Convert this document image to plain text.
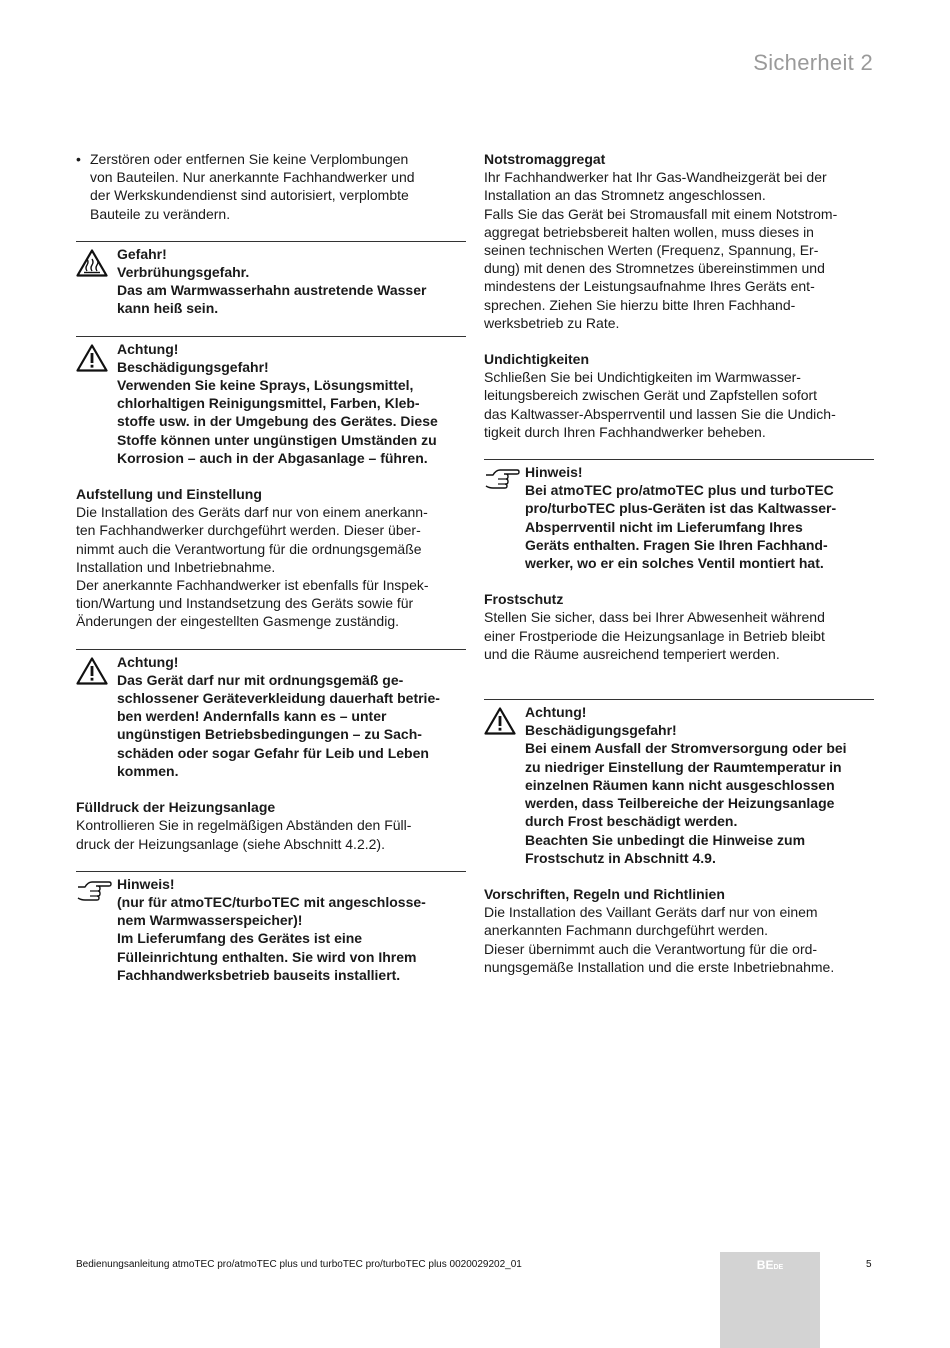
Sicherheit 2
• Zerstören oder entfernen Sie keine Verplombungen

von Bauteilen. Nur anerkannte Fachhandwerker und

der Werkskundendienst sind autorisiert, verplombte

Bauteile zu verändern.

Gefahr!

Verbrühungsgefahr.

Das am Warmwasserhahn austretende Wasser

kann heiß sein.

Achtung!

Beschädigungsgefahr!

Verwenden Sie keine Sprays, Lösungsmittel,

chlorhaltigen Reinigungsmittel, Farben, Kleb-

stoffe usw. in der Umgebung des Gerätes. Diese

Stoffe können unter ungünstigen Umständen zu

Korrosion – auch in der Abgasanlage – führen.

Aufstellung und Einstellung

Die Installation des Geräts darf nur von einem anerkann-

ten Fachhandwerker durchgeführt werden. Dieser über-

nimmt auch die Verantwortung für die ordnungsgemäße

Installation und Inbetriebnahme.

Der anerkannte Fachhandwerker ist ebenfalls für Inspek-

tion/Wartung und Instandsetzung des Geräts sowie für

Änderungen der eingestellten Gasmenge zuständig.

Achtung!

Das Gerät darf nur mit ordnungsgemäß ge-

schlossener Geräteverkleidung dauerhaft betrie-

ben werden! Andernfalls kann es – unter

ungünstigen Betriebsbedingungen – zu Sach-

schäden oder sogar Gefahr für Leib und Leben

kommen.

Fülldruck der Heizungsanlage

Kontrollieren Sie in regelmäßigen Abständen den Füll-

druck der Heizungsanlage (siehe Abschnitt 4.2.2).

Hinweis!

(nur für atmoTEC/turboTEC mit angeschlosse-

nem Warmwasserspeicher)!

Im Lieferumfang des Gerätes ist eine

Fülleinrichtung enthalten. Sie wird von Ihrem

Fachhandwerksbetrieb bauseits installiert.

Notstromaggregat

Ihr Fachhandwerker hat Ihr Gas-Wandheizgerät bei der

Installation an das Stromnetz angeschlossen.

Falls Sie das Gerät bei Stromausfall mit einem Notstrom-

aggregat betriebsbereit halten wollen, muss dieses in

seinen technischen Werten (Frequenz, Spannung, Er-

dung) mit denen des Stromnetzes übereinstimmen und

mindestens der Leistungsaufnahme Ihres Geräts ent-

sprechen. Ziehen Sie hierzu bitte Ihren Fachhand-

werksbetrieb zu Rate.

Undichtigkeiten

Schließen Sie bei Undichtigkeiten im Warmwasser-

leitungsbereich zwischen Gerät und Zapfstellen sofort

das Kaltwasser-Absperrventil und lassen Sie die Undich-

tigkeit durch Ihren Fachhandwerker beheben.

Hinweis!

Bei atmoTEC pro/atmoTEC plus und turboTEC

pro/turboTEC plus-Geräten ist das Kaltwasser-

Absperrventil nicht im Lieferumfang Ihres

Geräts enthalten. Fragen Sie Ihren Fachhand-

werker, wo er ein solches Ventil montiert hat.

Frostschutz

Stellen Sie sicher, dass bei Ihrer Abwesenheit während

einer Frostperiode die Heizungsanlage in Betrieb bleibt

und die Räume ausreichend temperiert werden.

Achtung!

Beschädigungsgefahr!

Bei einem Ausfall der Stromversorgung oder bei

zu niedriger Einstellung der Raumtemperatur in

einzelnen Räumen kann nicht ausgeschlossen

werden, dass Teilbereiche der Heizungsanlage

durch Frost beschädigt werden.

Beachten Sie unbedingt die Hinweise zum

Frostschutz in Abschnitt 4.9.

Vorschriften, Regeln und Richtlinien

Die Installation des Vaillant Geräts darf nur von einem

anerkannten Fachmann durchgeführt werden.

Dieser übernimmt auch die Verantwortung für die ord-

nungsgemäße Installation und die erste Inbetriebnahme.

Bedienungsanleitung atmoTEC pro/atmoTEC plus und turboTEC pro/turboTEC plus 0020029202_01	BEDE	5
